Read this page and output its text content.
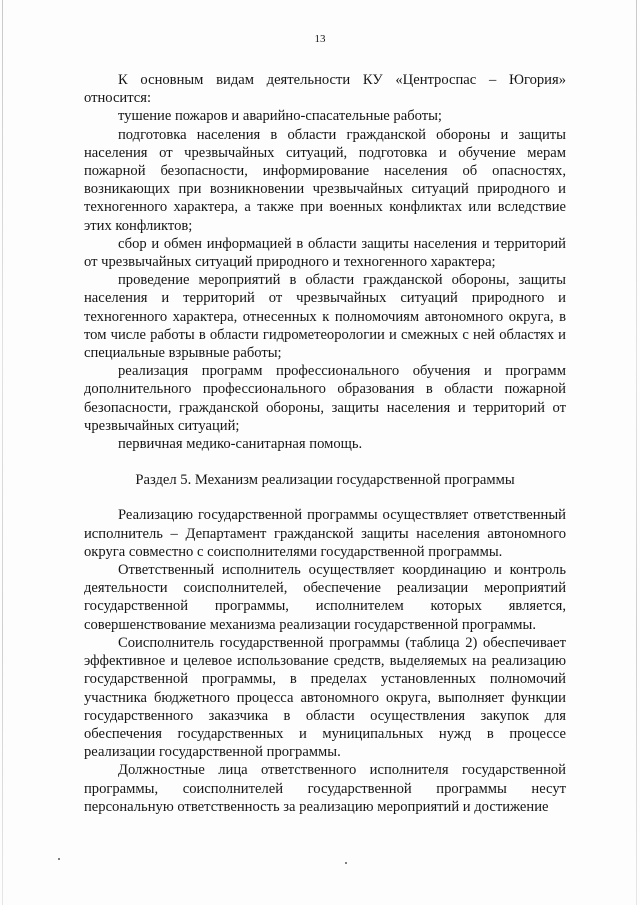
13

К основным видам деятельности КУ «Центроспас – Югория» относится:

тушение пожаров и аварийно-спасательные работы;

подготовка населения в области гражданской обороны и защиты населения от чрезвычайных ситуаций, подготовка и обучение мерам пожарной безопасности, информирование населения об опасностях, возникающих при возникновении чрезвычайных ситуаций природного и техногенного характера, а также при военных конфликтах или вследствие этих конфликтов;

сбор и обмен информацией в области защиты населения и территорий от чрезвычайных ситуаций природного и техногенного характера;

проведение мероприятий в области гражданской обороны, защиты населения и территорий от чрезвычайных ситуаций природного и техногенного характера, отнесенных к полномочиям автономного округа, в том числе работы в области гидрометеорологии и смежных с ней областях и специальные взрывные работы;

реализация программ профессионального обучения и программ дополнительного профессионального образования в области пожарной безопасности, гражданской обороны, защиты населения и территорий от чрезвычайных ситуаций;

первичная медико-санитарная помощь.

Раздел 5. Механизм реализации государственной программы

Реализацию государственной программы осуществляет ответственный исполнитель – Департамент гражданской защиты населения автономного округа совместно с соисполнителями государственной программы.

Ответственный исполнитель осуществляет координацию и контроль деятельности соисполнителей, обеспечение реализации мероприятий государственной программы, исполнителем которых является, совершенствование механизма реализации государственной программы.

Соисполнитель государственной программы (таблица 2) обеспечивает эффективное и целевое использование средств, выделяемых на реализацию государственной программы, в пределах установленных полномочий участника бюджетного процесса автономного округа, выполняет функции государственного заказчика в области осуществления закупок для обеспечения государственных и муниципальных нужд в процессе реализации государственной программы.

Должностные лица ответственного исполнителя государственной программы, соисполнителей государственной программы несут персональную ответственность за реализацию мероприятий и достижение
